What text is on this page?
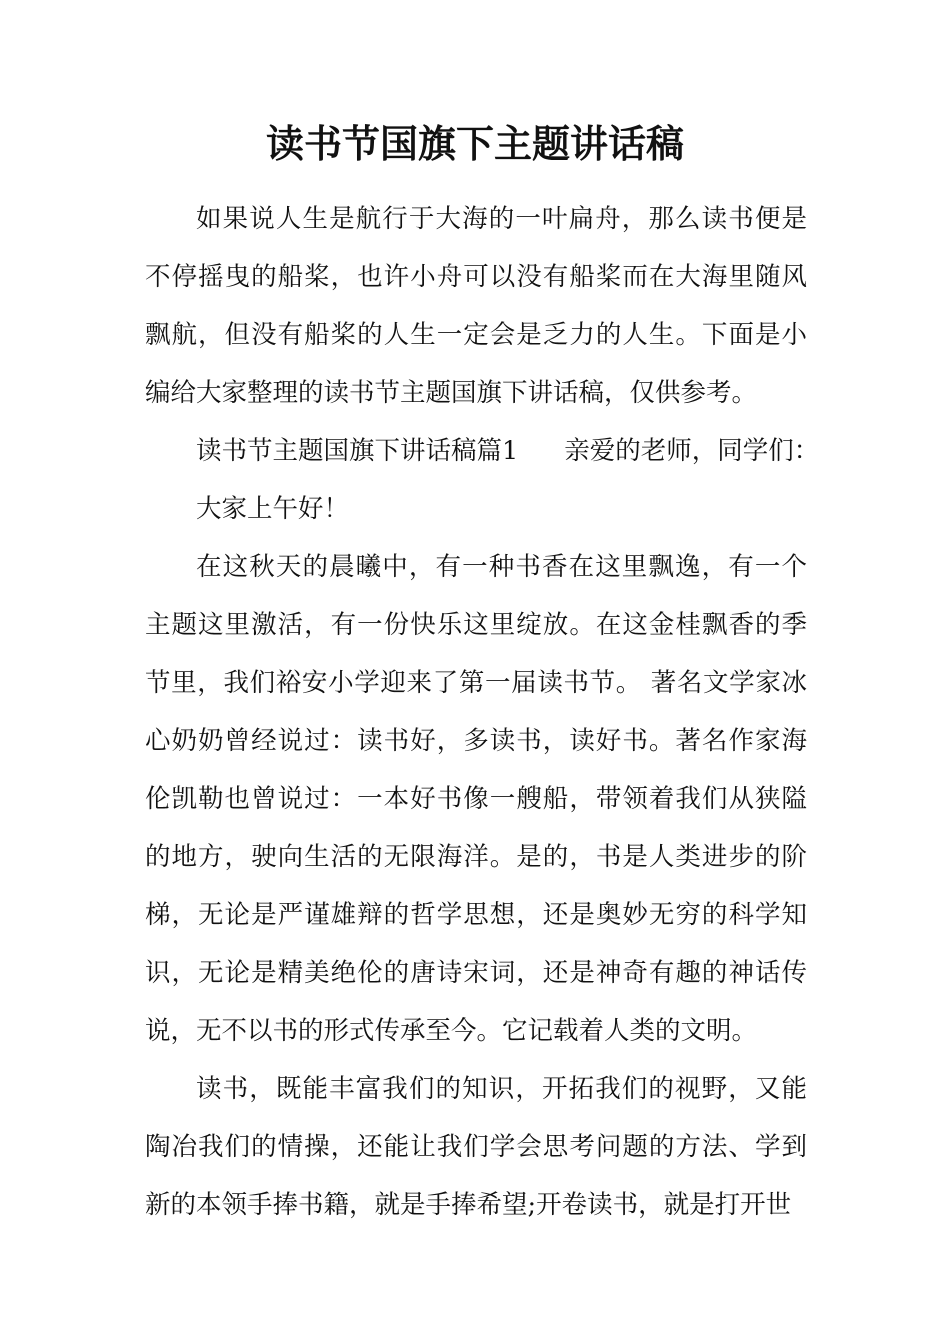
读书节国旗下主题讲话稿

如果说人生是航行于大海的一叶扁舟，那么读书便是不停摇曳的船桨，也许小舟可以没有船桨而在大海里随风飘航，但没有船桨的人生一定会是乏力的人生。下面是小编给大家整理的读书节主题国旗下讲话稿，仅供参考。

读书节主题国旗下讲话稿篇1 亲爱的老师，同学们：

大家上午好！

在这秋天的晨曦中，有一种书香在这里飘逸，有一个主题这里激活，有一份快乐这里绽放。在这金桂飘香的季节里，我们裕安小学迎来了第一届读书节。 著名文学家冰心奶奶曾经说过：读书好，多读书，读好书。著名作家海伦凯勒也曾说过：一本好书像一艘船，带领着我们从狭隘的地方，驶向生活的无限海洋。是的，书是人类进步的阶梯，无论是严谨雄辩的哲学思想，还是奥妙无穷的科学知识，无论是精美绝伦的唐诗宋词，还是神奇有趣的神话传说，无不以书的形式传承至今。它记载着人类的文明。

读书，既能丰富我们的知识，开拓我们的视野，又能陶冶我们的情操，还能让我们学会思考问题的方法、学到新的本领手捧书籍，就是手捧希望;开卷读书，就是打开世
